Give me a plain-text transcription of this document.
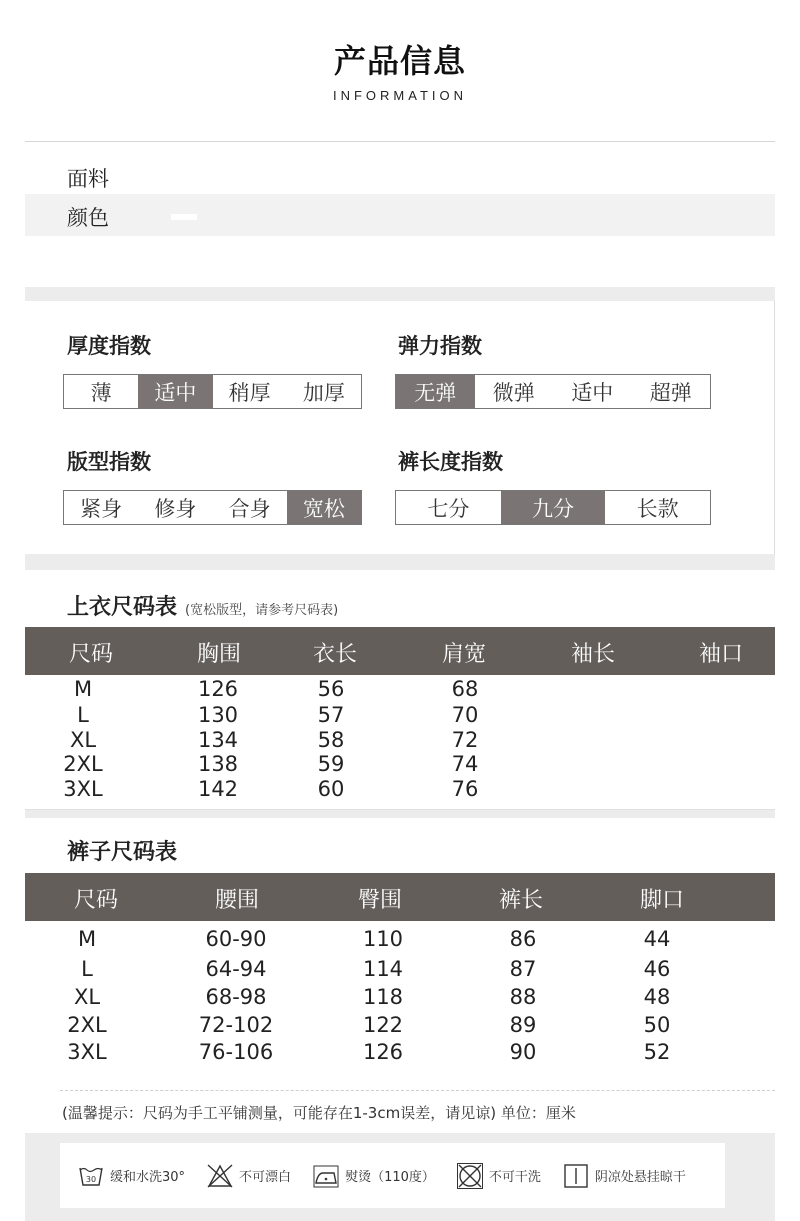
产品信息
INFORMATION
面料
颜色
厚度指数
薄	适中	稍厚	加厚
弹力指数
无弹	微弹	适中	超弹
版型指数
紧身	修身	合身	宽松
裤长度指数
七分	九分	长款
上衣尺码表 (宽松版型，请参考尺码表)
尺码	胸围	衣长	肩宽	袖长	袖口
M	126	56	68
L	130	57	70
XL	134	58	72
2XL	138	59	74
3XL	142	60	76
裤子尺码表
尺码	腰围	臀围	裤长	脚口
M	60-90	110	86	44
L	64-94	114	87	46
XL	68-98	118	88	48
2XL	72-102	122	89	50
3XL	76-106	126	90	52
(温馨提示：尺码为手工平铺测量，可能存在1-3cm误差，请见谅) 单位：厘米
30 缓和水洗30°	不可漂白	熨烫（110度）	不可干洗	阴凉处悬挂晾干
